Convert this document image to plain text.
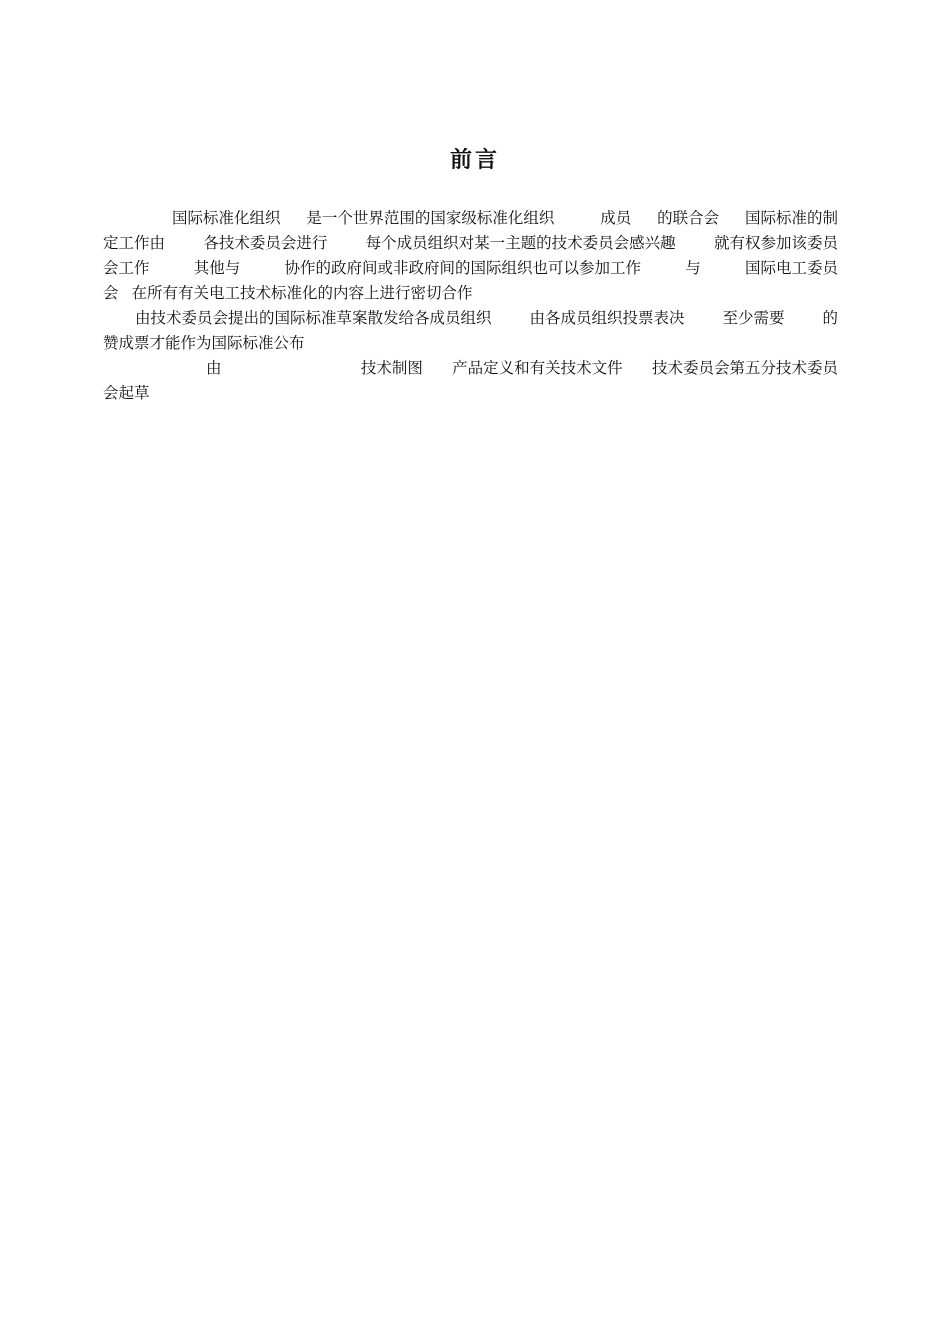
前言
国际标准化组织 是一个世界范围的国家级标准化组织	成员 的联合会 国际标准的制
定工作由 各技术委员会进行 每个成员组织对某一主题的技术委员会感兴趣 就有权参加该委员
会工作	其他与	协作的政府间或非政府间的国际组织也可以参加工作	与	国际电工委员
会 在所有有关电工技术标准化的内容上进行密切合作
由技术委员会提出的国际标准草案散发给各成员组织 由各成员组织投票表决 至少需要 的
赞成票才能作为国际标准公布
由	技术制图 产品定义和有关技术文件 技术委员会第五分技术委员
会起草
